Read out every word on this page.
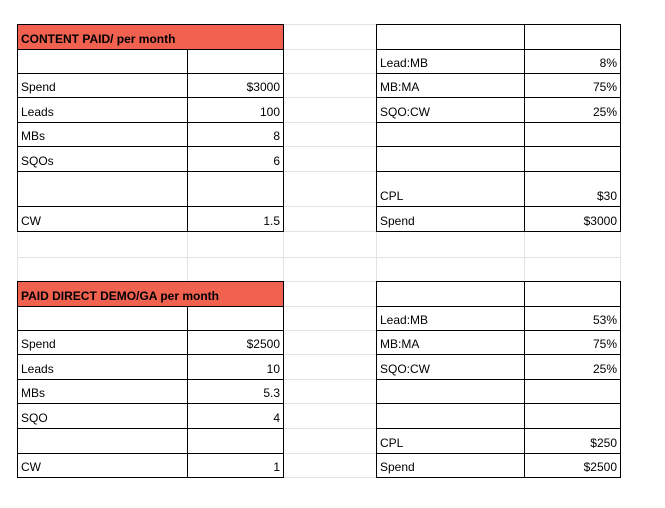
CONTENT PAID/ per month
Spend	$3000
Leads	100
MBs	8
SQOs	6
CW	1.5
Lead:MB	8%
MB:MA	75%
SQO:CW	25%
CPL	$30
Spend	$3000
PAID DIRECT DEMO/GA per month
Spend	$2500
Leads	10
MBs	5.3
SQO	4
CW	1
Lead:MB	53%
MB:MA	75%
SQO:CW	25%
CPL	$250
Spend	$2500
